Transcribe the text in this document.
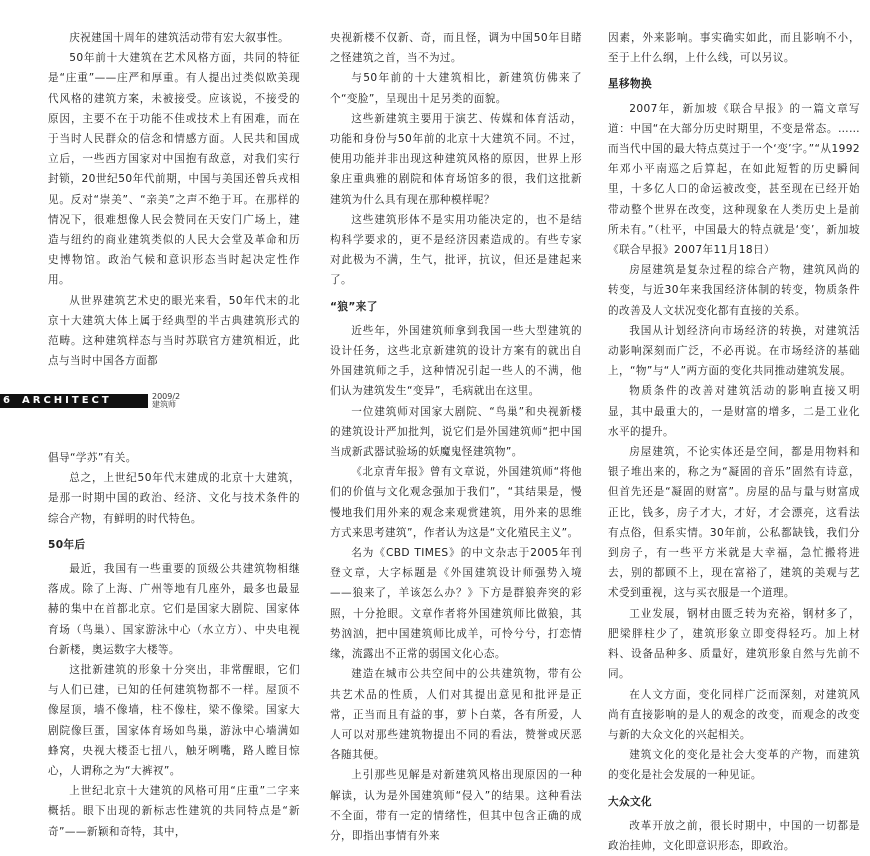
庆祝建国十周年的建筑活动带有宏大叙事性。

50年前十大建筑在艺术风格方面，共同的特征是“庄重”——庄严和厚重。有人提出过类似欧美现代风格的建筑方案，未被接受。应该说，不接受的原因，主要不在于功能不佳或技术上有困难，而在于当时人民群众的信念和情感方面。人民共和国成立后，一些西方国家对中国抱有敌意，对我们实行封锁，20世纪50年代前期，中国与美国还曾兵戎相见。反对“崇美”、“亲美”之声不绝于耳。在那样的情况下，很难想像人民会赞同在天安门广场上，建造与纽约的商业建筑类似的人民大会堂及革命和历史博物馆。政治气候和意识形态当时起决定性作用。

从世界建筑艺术史的眼光来看，50年代末的北京十大建筑大体上属于经典型的半古典建筑形式的范畴。这种建筑样态与当时苏联官方建筑相近，此点与当时中国各方面都

6	ARCHITECT	2009/2
建筑师

倡导“学苏”有关。

总之，上世纪50年代末建成的北京十大建筑，是那一时期中国的政治、经济、文化与技术条件的综合产物，有鲜明的时代特色。

50年后

最近，我国有一些重要的顶级公共建筑物相继落成。除了上海、广州等地有几座外，最多也最显赫的集中在首都北京。它们是国家大剧院、国家体育场（鸟巢）、国家游泳中心（水立方）、中央电视台新楼，奥运数字大楼等。

这批新建筑的形象十分突出，非常醒眼，它们与人们已建，已知的任何建筑物都不一样。屋顶不像屋顶，墙不像墙，柱不像柱，梁不像梁。国家大剧院像巨蛋，国家体育场如鸟巢，游泳中心墙满如蜂窝，央视大楼歪七扭八，触牙咧嘴，路人瞠目惊心，人谓称之为“大裤衩”。

上世纪北京十大建筑的风格可用“庄重”二字来概括。眼下出现的新标志性建筑的共同特点是“新奇”——新颖和奇特，其中，

央视新楼不仅新、奇，而且怪，调为中国50年目睹之怪建筑之首，当不为过。

与50年前的十大建筑相比，新建筑仿佛来了个“变脸”，呈现出十足另类的面貌。

这些新建筑主要用于演艺、传媒和体育活动，功能和身份与50年前的北京十大建筑不同。不过，使用功能并非出现这种建筑风格的原因，世界上形象庄重典雅的剧院和体育场馆多的很，我们这批新建筑为什么具有现在那种模样呢？

这些建筑形体不是实用功能决定的，也不是结构科学要求的，更不是经济因素造成的。有些专家对此极为不满，生气，批评，抗议，但还是建起来了。

“狼”来了

近些年，外国建筑师拿到我国一些大型建筑的设计任务，这些北京新建筑的设计方案有的就出自外国建筑师之手，这种情况引起一些人的不满，他们认为建筑发生“变异”，毛病就出在这里。

一位建筑师对国家大剧院、“鸟巢”和央视新楼的建筑设计严加批判，说它们是外国建筑师“把中国当成新武器试验场的妖魔鬼怪建筑物”。

《北京青年报》曾有文章说，外国建筑师“将他们的价值与文化观念强加于我们”，“其结果是，慢慢地我们用外来的观念来观赏建筑，用外来的思维方式来思考建筑”，作者认为这是“文化殖民主义”。

名为《CBD TIMES》的中文杂志于2005年刊登文章，大字标题是《外国建筑设计师强势入境——狼来了，羊该怎么办？》下方是群狼奔突的彩照，十分抢眼。文章作者将外国建筑师比做狼，其势汹汹，把中国建筑师比成羊，可怜兮兮，打恋情缘，流露出不正常的弱国文化心态。

建造在城市公共空间中的公共建筑物，带有公共艺术品的性质，人们对其提出意见和批评是正常，正当而且有益的事，萝卜白菜，各有所爱，人人可以对那些建筑物提出不同的看法，赞誉或厌恶各随其便。

上引那些见解是对新建筑风格出现原因的一种解读，认为是外国建筑师“侵入”的结果。这种看法不全面，带有一定的情绪性，但其中包含正确的成分，即指出事情有外来

因素，外来影响。事实确实如此，而且影响不小，至于上什么纲，上什么线，可以另议。

星移物换

2007年，新加坡《联合早报》的一篇文章写道：中国“在大部分历史时期里，不变是常态。……而当代中国的最大特点莫过于一个‘变’字。”“从1992年邓小平南巡之后算起，在如此短暂的历史瞬间里，十多亿人口的命运被改变，甚至现在已经开始带动整个世界在改变，这种现象在人类历史上是前所未有。”（杜平，中国最大的特点就是‘变’，新加坡《联合早报》2007年11月18日）

房屋建筑是复杂过程的综合产物，建筑风尚的转变，与近30年来我国经济体制的转变，物质条件的改善及人文状况变化都有直接的关系。

我国从计划经济向市场经济的转换，对建筑活动影响深刻而广泛，不必再说。在市场经济的基础上，“物”与“人”两方面的变化共同推动建筑发展。

物质条件的改善对建筑活动的影响直接又明显，其中最重大的，一是财富的增多，二是工业化水平的提升。

房屋建筑，不论实体还是空间，都是用物料和银子堆出来的，称之为“凝固的音乐”固然有诗意，但首先还是“凝固的财富”。房屋的品与量与财富成正比，钱多，房子才大，才好，才会漂亮，这看法有点俗，但系实情。30年前，公私都缺钱，我们分到房子，有一些平方米就是大幸福，急忙搬将进去，别的都顾不上，现在富裕了，建筑的美观与艺术受到重视，这与买衣服是一个道理。

工业发展，钢材由匮乏转为充裕，钢材多了，肥梁胖柱少了，建筑形象立即变得轻巧。加上材料、设备品种多、质量好，建筑形象自然与先前不同。

在人文方面，变化同样广泛而深刻，对建筑风尚有直接影响的是人的观念的改变，而观念的改变与新的大众文化的兴起相关。

建筑文化的变化是社会大变革的产物，而建筑的变化是社会发展的一种见证。

大众文化

改革开放之前，很长时期中，中国的一切都是政治挂帅，文化即意识形态，即政治。
